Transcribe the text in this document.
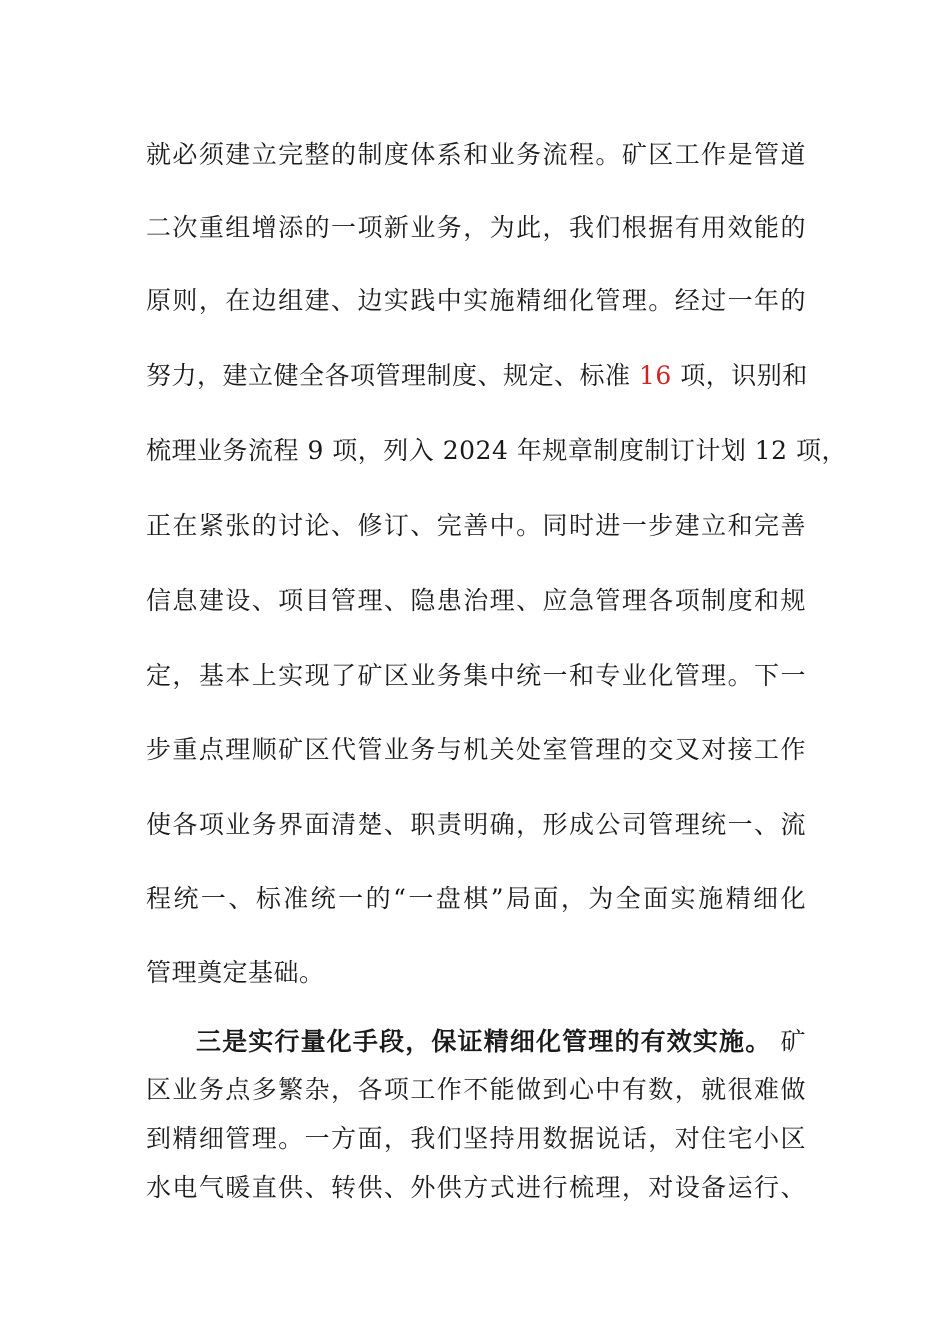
就必须建立完整的制度体系和业务流程。矿区工作是管道
二次重组增添的一项新业务，为此，我们根据有用效能的
原则，在边组建、边实践中实施精细化管理。经过一年的
努力，建立健全各项管理制度、规定、标准 16 项，识别和
梳理业务流程 9 项，列入 2024 年规章制度制订计划 12 项，
正在紧张的讨论、修订、完善中。同时进一步建立和完善
信息建设、项目管理、隐患治理、应急管理各项制度和规
定，基本上实现了矿区业务集中统一和专业化管理。下一
步重点理顺矿区代管业务与机关处室管理的交叉对接工作
使各项业务界面清楚、职责明确，形成公司管理统一、流
程统一、标准统一的“一盘棋”局面，为全面实施精细化
管理奠定基础。
三是实行量化手段，保证精细化管理的有效实施。 矿
区业务点多繁杂，各项工作不能做到心中有数，就很难做
到精细管理。一方面，我们坚持用数据说话，对住宅小区
水电气暖直供、转供、外供方式进行梳理，对设备运行、
